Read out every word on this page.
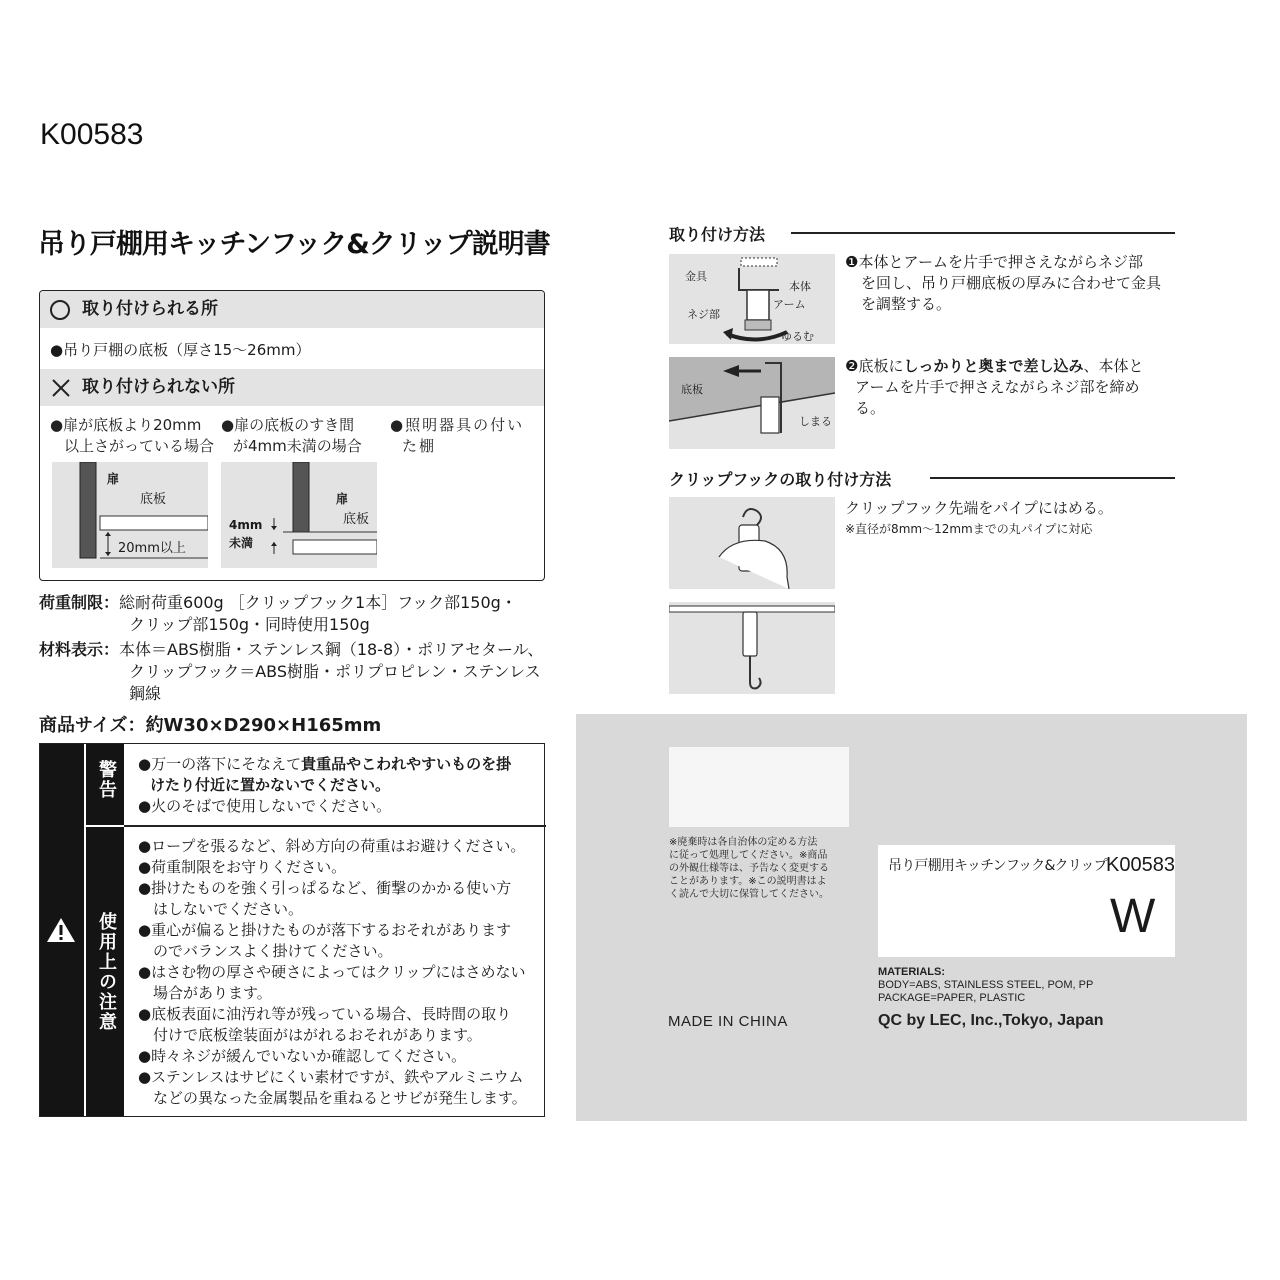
K00583
吊り戸棚用キッチンフック&クリップ説明書
取り付けられる所
●吊り戸棚の底板（厚さ15〜26mm）
取り付けられない所
●扉が底板より20mm
以上さがっている場合
●扉の底板のすき間
が4mm未満の場合
●照明器具の付い
た棚
扉
底板
20mm以上
扉
底板
4mm
未満
荷重制限：総耐荷重600g ［クリップフック1本］フック部150g・
クリップ部150g・同時使用150g
材料表示：本体＝ABS樹脂・ステンレス鋼（18-8）・ポリアセタール、
クリップフック＝ABS樹脂・ポリプロピレン・ステンレス
鋼線
商品サイズ：約W30×D290×H165mm
警告
使用上の注意
●万一の落下にそなえて貴重品やこわれやすいものを掛
けたり付近に置かないでください。
●火のそばで使用しないでください。
●ロープを張るなど、斜め方向の荷重はお避けください。
●荷重制限をお守りください。
●掛けたものを強く引っぱるなど、衝撃のかかる使い方
　はしないでください。
●重心が偏ると掛けたものが落下するおそれがあります
　のでバランスよく掛けてください。
●はさむ物の厚さや硬さによってはクリップにはさめない
　場合があります。
●底板表面に油汚れ等が残っている場合、長時間の取り
　付けで底板塗装面がはがれるおそれがあります。
●時々ネジが緩んでいないか確認してください。
●ステンレスはサビにくい素材ですが、鉄やアルミニウム
　などの異なった金属製品を重ねるとサビが発生します。
取り付け方法
金具
本体
アーム
ネジ部
ゆるむ
❶本体とアームを片手で押さえながらネジ部
を回し、吊り戸棚底板の厚みに合わせて金具
を調整する。
底板
しまる
❷底板にしっかりと奥まで差し込み、本体と
アームを片手で押さえながらネジ部を締め
る。
クリップフックの取り付け方法
クリップフック先端をパイプにはめる。
※直径が8mm〜12mmまでの丸パイプに対応
※廃棄時は各自治体の定める方法
に従って処理してください。※商品
の外観仕様等は、予告なく変更する
ことがあります。※この説明書はよ
く読んで大切に保管してください。
吊り戸棚用キッチンフック&クリップ K00583
W
MATERIALS:
BODY=ABS, STAINLESS STEEL, POM, PP
PACKAGE=PAPER, PLASTIC
MADE IN CHINA	QC by LEC, Inc.,Tokyo, Japan
